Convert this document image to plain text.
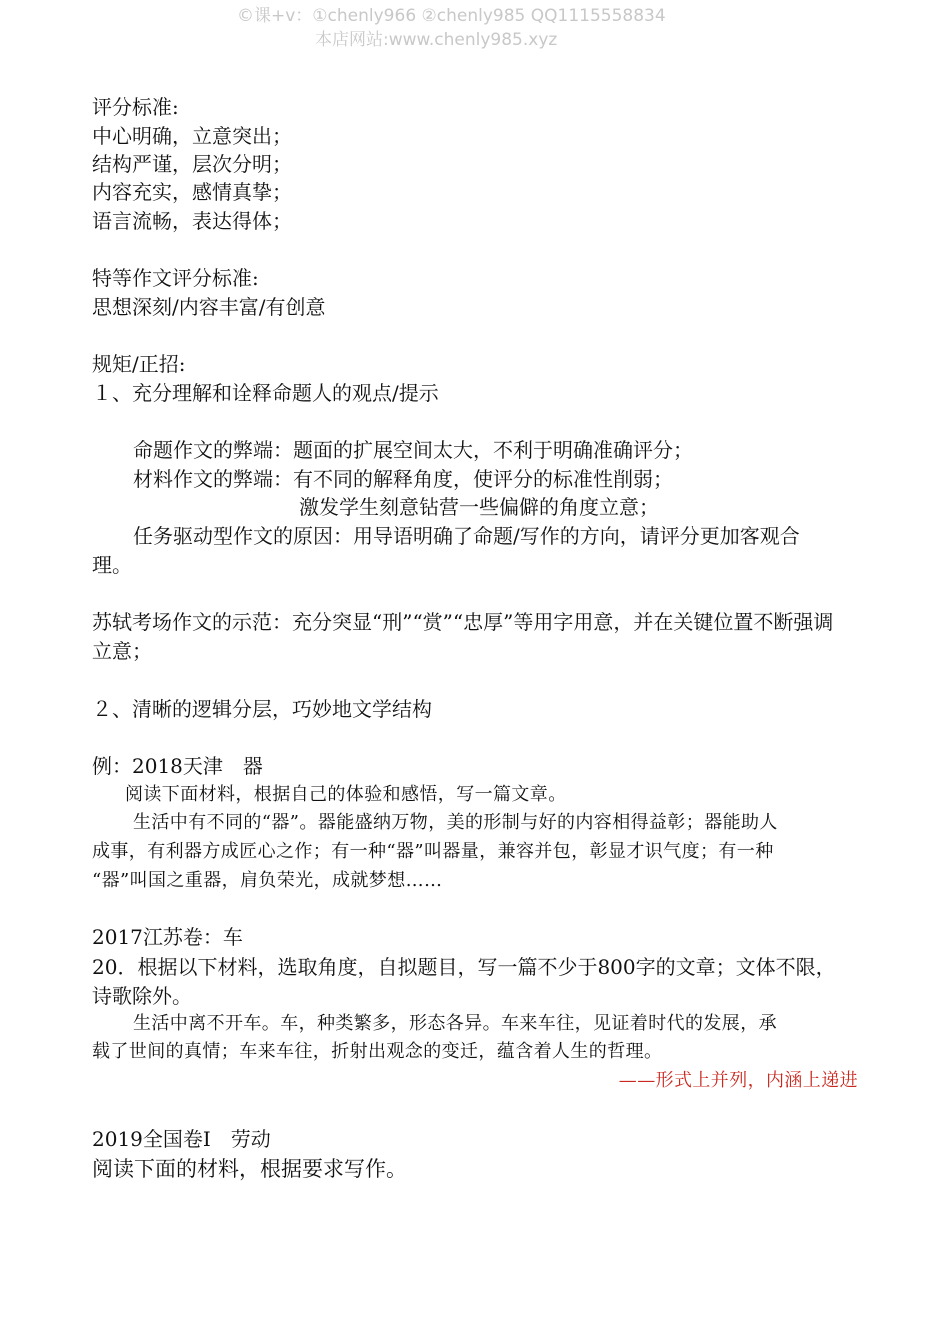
©课+v：①chenly966 ②chenly985 QQ1115558834
本店网站:www.chenly985.xyz
评分标准:
中心明确，立意突出；
结构严谨，层次分明；
内容充实，感情真挚；
语言流畅，表达得体；
特等作文评分标准:
思想深刻/内容丰富/有创意
规矩/正招:
１、充分理解和诠释命题人的观点/提示
命题作文的弊端：题面的扩展空间太大，不利于明确准确评分；
材料作文的弊端：有不同的解释角度，使评分的标准性削弱；
激发学生刻意钻营一些偏僻的角度立意；
任务驱动型作文的原因：用导语明确了命题/写作的方向，请评分更加客观合
理。
苏轼考场作文的示范：充分突显“刑”“赏”“忠厚”等用字用意，并在关键位置不断强调
立意；
２、清晰的逻辑分层，巧妙地文学结构
例：2018天津　器
阅读下面材料，根据自己的体验和感悟，写一篇文章。
生活中有不同的“器”。器能盛纳万物，美的形制与好的内容相得益彰；器能助人
成事，有利器方成匠心之作；有一种“器”叫器量，兼容并包，彰显才识气度；有一种
“器”叫国之重器，肩负荣光，成就梦想……
2017江苏卷：车
20．根据以下材料，选取角度，自拟题目，写一篇不少于800字的文章；文体不限，
诗歌除外。
生活中离不开车。车，种类繁多，形态各异。车来车往，见证着时代的发展，承
载了世间的真情；车来车往，折射出观念的变迁，蕴含着人生的哲理。
——形式上并列，内涵上递进
2019全国卷I　劳动
阅读下面的材料，根据要求写作。
